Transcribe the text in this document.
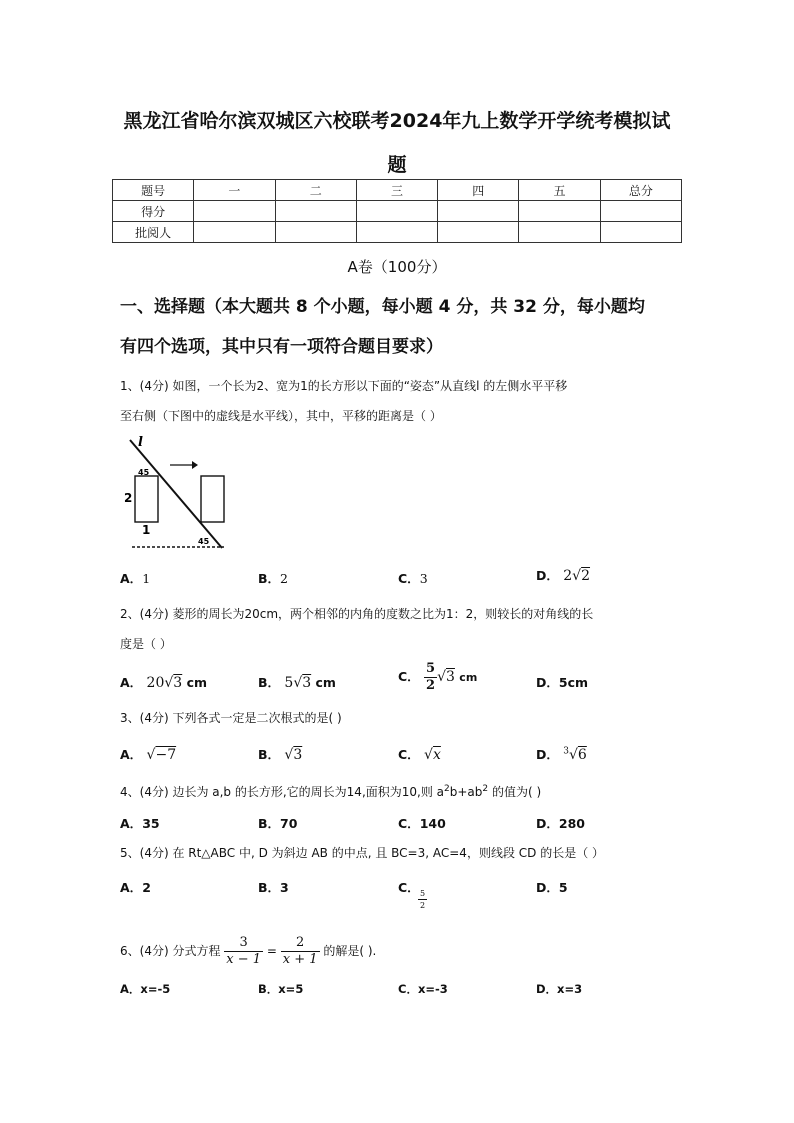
黑龙江省哈尔滨双城区六校联考2024年九上数学开学统考模拟试
题
题号	一	二	三	四	五	总分
得分						
批阅人						
A卷（100分）
一、选择题（本大题共 8 个小题，每小题 4 分，共 32 分，每小题均
有四个选项，其中只有一项符合题目要求）
1、(4分) 如图，一个长为2、宽为1的长方形以下面的“姿态”从直线l 的左侧水平平移
至右侧（下图中的虚线是水平线），其中，平移的距离是（ ）
l
45
2
1
45
A．1	B．2	C．3	D． 2√2
2、(4分) 菱形的周长为20cm，两个相邻的内角的度数之比为1：2，则较长的对角线的长
度是（ ）
A． 20√3 cm	B． 5√3 cm	C． $\frac{5}{2} √3$ cm	D．5cm
3、(4分) 下列各式一定是二次根式的是( )
A． √−7	B． √3	C． √x	D． $^3$√6
4、(4分) 边长为 a,b 的长方形,它的周长为14,面积为10,则 $a^2b+ab^2$ 的值为( )
A．35	B．70	C．140	D．280
5、(4分) 在 Rt△ABC 中, D 为斜边 AB 的中点, 且 BC=3, AC=4，则线段 CD 的长是（ ）
A．2	B．3	C．
$\frac{5}{2}$
D．5
6、(4分) 分式方程 $\frac{3}{x - 1} = \frac{2}{x + 1}$ 的解是( ).
A．x=-5	B．x=5	C．x=-3	D．x=3
